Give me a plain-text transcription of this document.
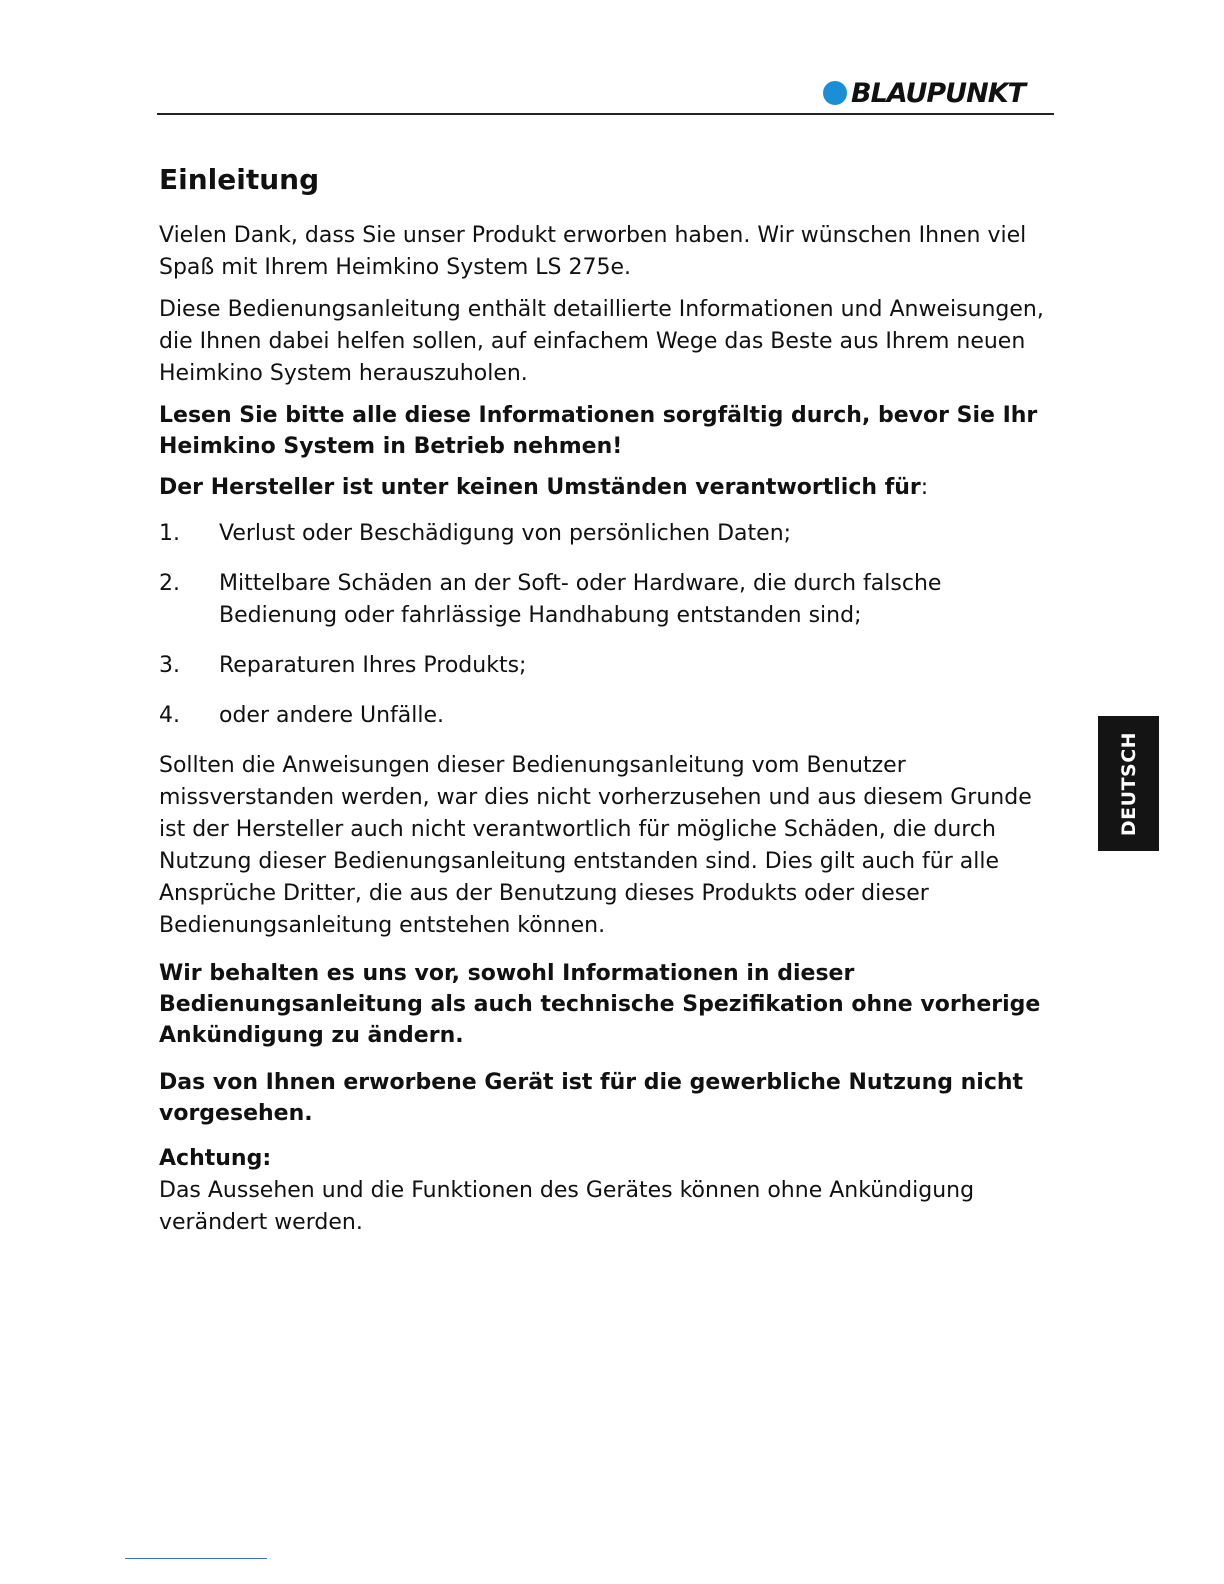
BLAUPUNKT
DEUTSCH
Einleitung

Vielen Dank, dass Sie unser Produkt erworben haben. Wir wünschen Ihnen viel Spaß mit Ihrem Heimkino System LS 275e.

Diese Bedienungsanleitung enthält detaillierte Informationen und Anweisungen, die Ihnen dabei helfen sollen, auf einfachem Wege das Beste aus Ihrem neuen Heimkino System herauszuholen.

Lesen Sie bitte alle diese Informationen sorgfältig durch, bevor Sie Ihr Heimkino System in Betrieb nehmen!

Der Hersteller ist unter keinen Umständen verantwortlich für:

1.	Verlust oder Beschädigung von persönlichen Daten;
2.	Mittelbare Schäden an der Soft- oder Hardware, die durch falsche Bedienung oder fahrlässige Handhabung entstanden sind;
3.	Reparaturen Ihres Produkts;
4.	oder andere Unfälle.

Sollten die Anweisungen dieser Bedienungsanleitung vom Benutzer missverstanden werden, war dies nicht vorherzusehen und aus diesem Grunde ist der Hersteller auch nicht verantwortlich für mögliche Schäden, die durch Nutzung dieser Bedienungsanleitung entstanden sind. Dies gilt auch für alle Ansprüche Dritter, die aus der Benutzung dieses Produkts oder dieser Bedienungsanleitung entstehen können.

Wir behalten es uns vor, sowohl Informationen in dieser Bedienungsanleitung als auch technische Spezifikation ohne vorherige Ankündigung zu ändern.

Das von Ihnen erworbene Gerät ist für die gewerbliche Nutzung nicht vorgesehen.

Achtung:

Das Aussehen und die Funktionen des Gerätes können ohne Ankündigung verändert werden.
